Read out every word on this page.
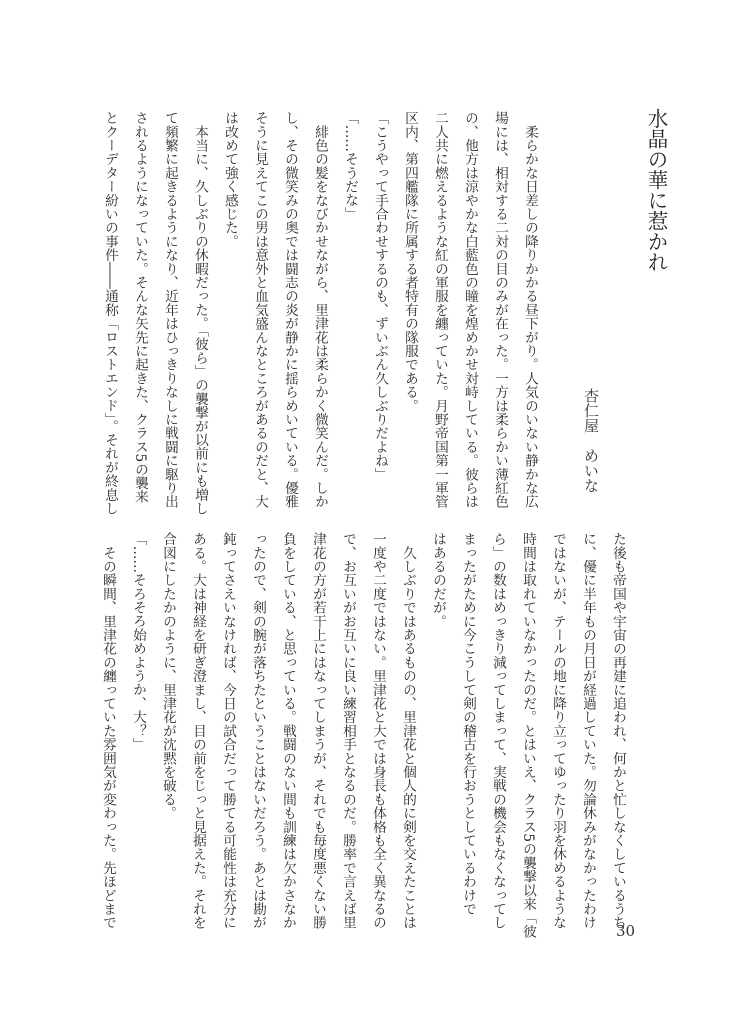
水晶の華に惹かれ
杏仁屋　めいな
　柔らかな日差しの降りかかる昼下がり。人気のいない静かな広
場には、相対する二対の目のみが在った。一方は柔らかい薄紅色
の、他方は涼やかな白藍色の瞳を煌めかせ対峙している。彼らは
二人共に燃えるような紅の軍服を纏っていた。月野帝国第一軍管
区内、第四艦隊に所属する者特有の隊服である。
「こうやって手合わせするのも、ずいぶん久しぶりだよね」
「……そうだな」
　緋色の髪をなびかせながら、里津花は柔らかく微笑んだ。しか
し、その微笑みの奥では闘志の炎が静かに揺らめいている。優雅
そうに見えてこの男は意外と血気盛んなところがあるのだと、大
は改めて強く感じた。
　本当に、久しぶりの休暇だった。「彼ら」の襲撃が以前にも増し
て頻繁に起きるようになり、近年はひっきりなしに戦闘に駆り出
されるようになっていた。そんな矢先に起きた、クラス5の襲来
とクーデター紛いの事件――通称「ロストエンド」。それが終息し
た後も帝国や宇宙の再建に追われ、何かと忙しなくしているうち
に、優に半年もの月日が経過していた。勿論休みがなかったわけ
ではないが、テールの地に降り立ってゆったり羽を休めるような
時間は取れていなかったのだ。とはいえ、クラス5の襲撃以来「彼
ら」の数はめっきり減ってしまって、実戦の機会もなくなってし
まったがために今こうして剣の稽古を行おうとしているわけで
はあるのだが。
　久しぶりではあるものの、里津花と個人的に剣を交えたことは
一度や二度ではない。里津花と大では身長も体格も全く異なるの
で、お互いがお互いに良い練習相手となるのだ。勝率で言えば里
津花の方が若干上にはなってしまうが、それでも毎度悪くない勝
負をしている、と思っている。戦闘のない間も訓練は欠かさなか
ったので、剣の腕が落ちたということはないだろう。あとは勘が
鈍ってさえいなければ、今日の試合だって勝てる可能性は充分に
ある。大は神経を研ぎ澄まし、目の前をじっと見据えた。それを
合図にしたかのように、里津花が沈黙を破る。
「……そろそろ始めようか、大？」
　その瞬間、里津花の纏っていた雰囲気が変わった。先ほどまで
30
